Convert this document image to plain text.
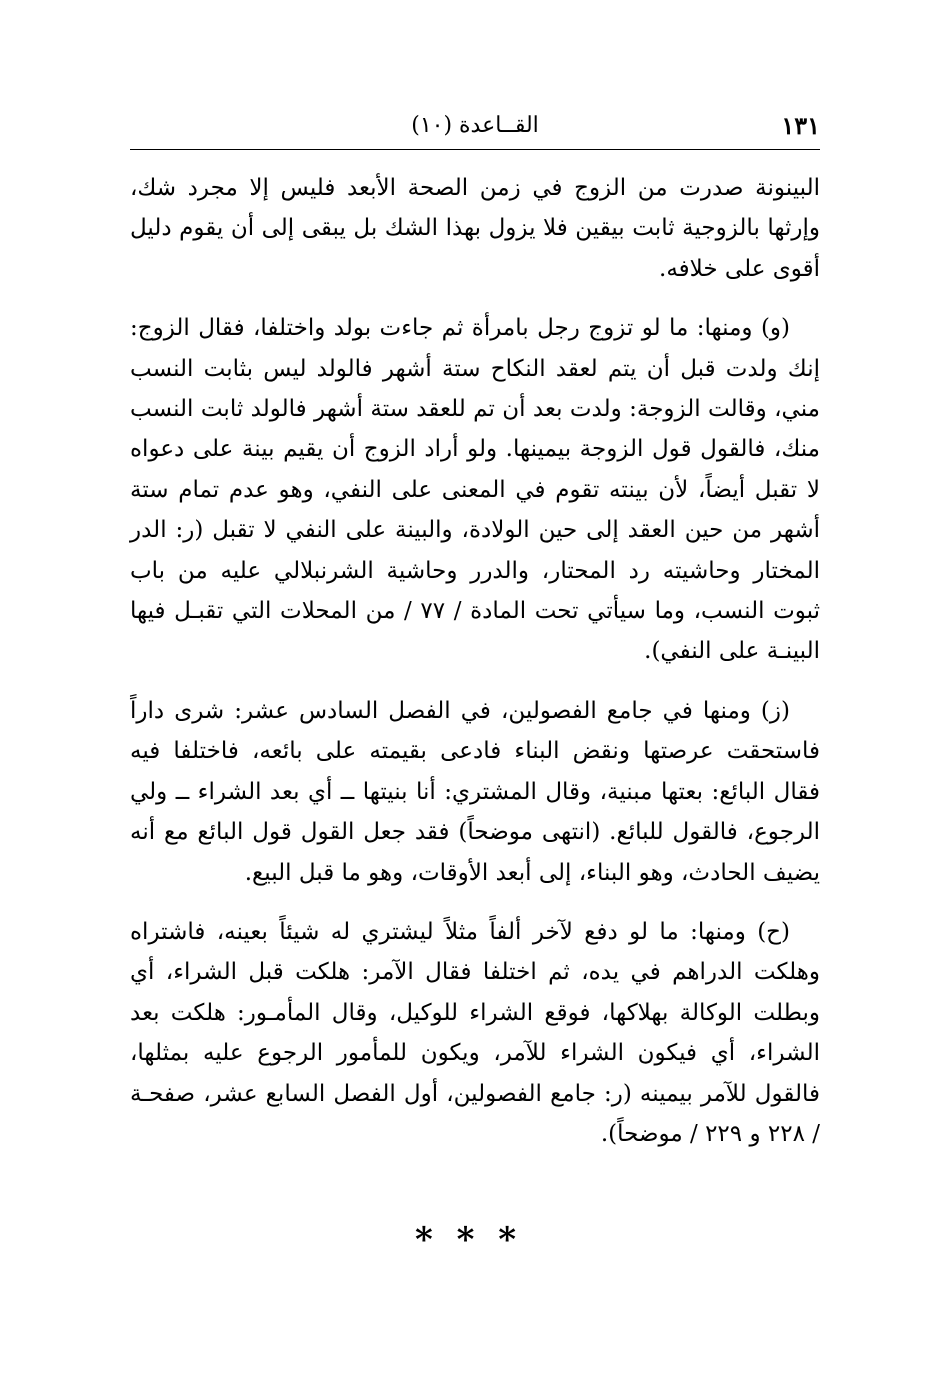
١٣١
القــاعدة (١٠)

البينونة صدرت من الزوج في زمن الصحة الأبعد فليس إلا مجرد شك، وإرثها بالزوجية ثابت بيقين فلا يزول بهذا الشك بل يبقى إلى أن يقوم دليل أقوى على خلافه.

(و) ومنها: ما لو تزوج رجل بامرأة ثم جاءت بولد واختلفا، فقال الزوج: إنك ولدت قبل أن يتم لعقد النكاح ستة أشهر فالولد ليس بثابت النسب مني، وقالت الزوجة: ولدت بعد أن تم للعقد ستة أشهر فالولد ثابت النسب منك، فالقول قول الزوجة بيمينها. ولو أراد الزوج أن يقيم بينة على دعواه لا تقبل أيضاً، لأن بينته تقوم في المعنى على النفي، وهو عدم تمام ستة أشهر من حين العقد إلى حين الولادة، والبينة على النفي لا تقبل (ر: الدر المختار وحاشيته رد المحتار، والدرر وحاشية الشرنبلالي عليه من باب ثبوت النسب، وما سيأتي تحت المادة / ٧٧ / من المحلات التي تقبـل فيها البينـة على النفي).

(ز) ومنها في جامع الفصولين، في الفصل السادس عشر: شرى داراً فاستحقت عرصتها ونقض البناء فادعى بقيمته على بائعه، فاختلفا فيه فقال البائع: بعتها مبنية، وقال المشتري: أنا بنيتها ــ أي بعد الشراء ــ ولي الرجوع، فالقول للبائع. (انتهى موضحاً) فقد جعل القول قول البائع مع أنه يضيف الحادث، وهو البناء، إلى أبعد الأوقات، وهو ما قبل البيع.

(ح) ومنها: ما لو دفع لآخر ألفاً مثلاً ليشتري له شيئاً بعينه، فاشتراه وهلكت الدراهم في يده، ثم اختلفا فقال الآمر: هلكت قبل الشراء، أي وبطلت الوكالة بهلاكها، فوقع الشراء للوكيل، وقال المأمـور: هلكت بعد الشراء، أي فيكون الشراء للآمر، ويكون للمأمور الرجوع عليه بمثلها، فالقول للآمر بيمينه (ر: جامع الفصولين، أول الفصل السابع عشر، صفحـة / ٢٢٨ و ٢٢٩ / موضحاً).

* * *
